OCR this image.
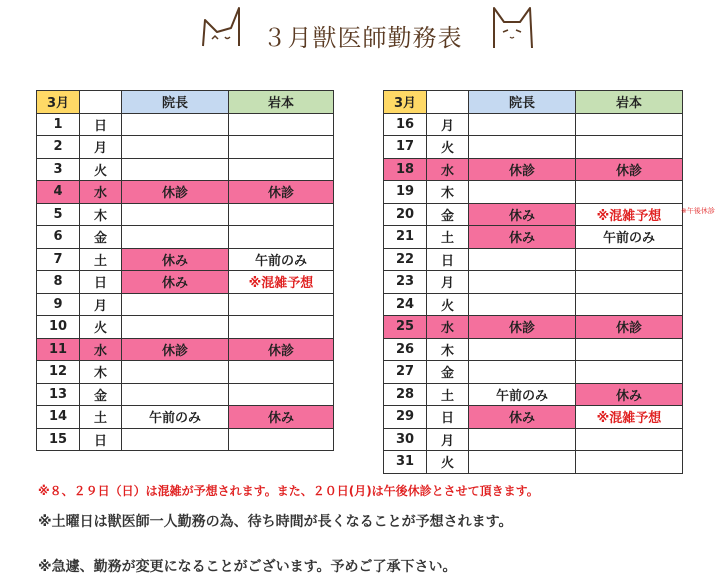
３月獣医師勤務表
3月		院長	岩本
1	日		
2	月		
3	火		
4	水	休診	休診
5	木		
6	金		
7	土	休み	午前のみ
8	日	休み	※混雑予想
9	月		
10	火		
11	水	休診	休診
12	木		
13	金		
14	土	午前のみ	休み
15	日		
3月		院長	岩本
16	月		
17	火		
18	水	休診	休診
19	木		
20	金	休み	※混雑予想
21	土	休み	午前のみ
22	日		
23	月		
24	火		
25	水	休診	休診
26	木		
27	金		
28	土	午前のみ	休み
29	日	休み	※混雑予想
30	月		
31	火		
※午後休診
※８、２９日（日）は混雑が予想されます。また、２０日(月)は午後休診とさせて頂きます。
※土曜日は獣医師一人勤務の為、待ち時間が長くなることが予想されます。
※急遽、勤務が変更になることがございます。予めご了承下さい。
